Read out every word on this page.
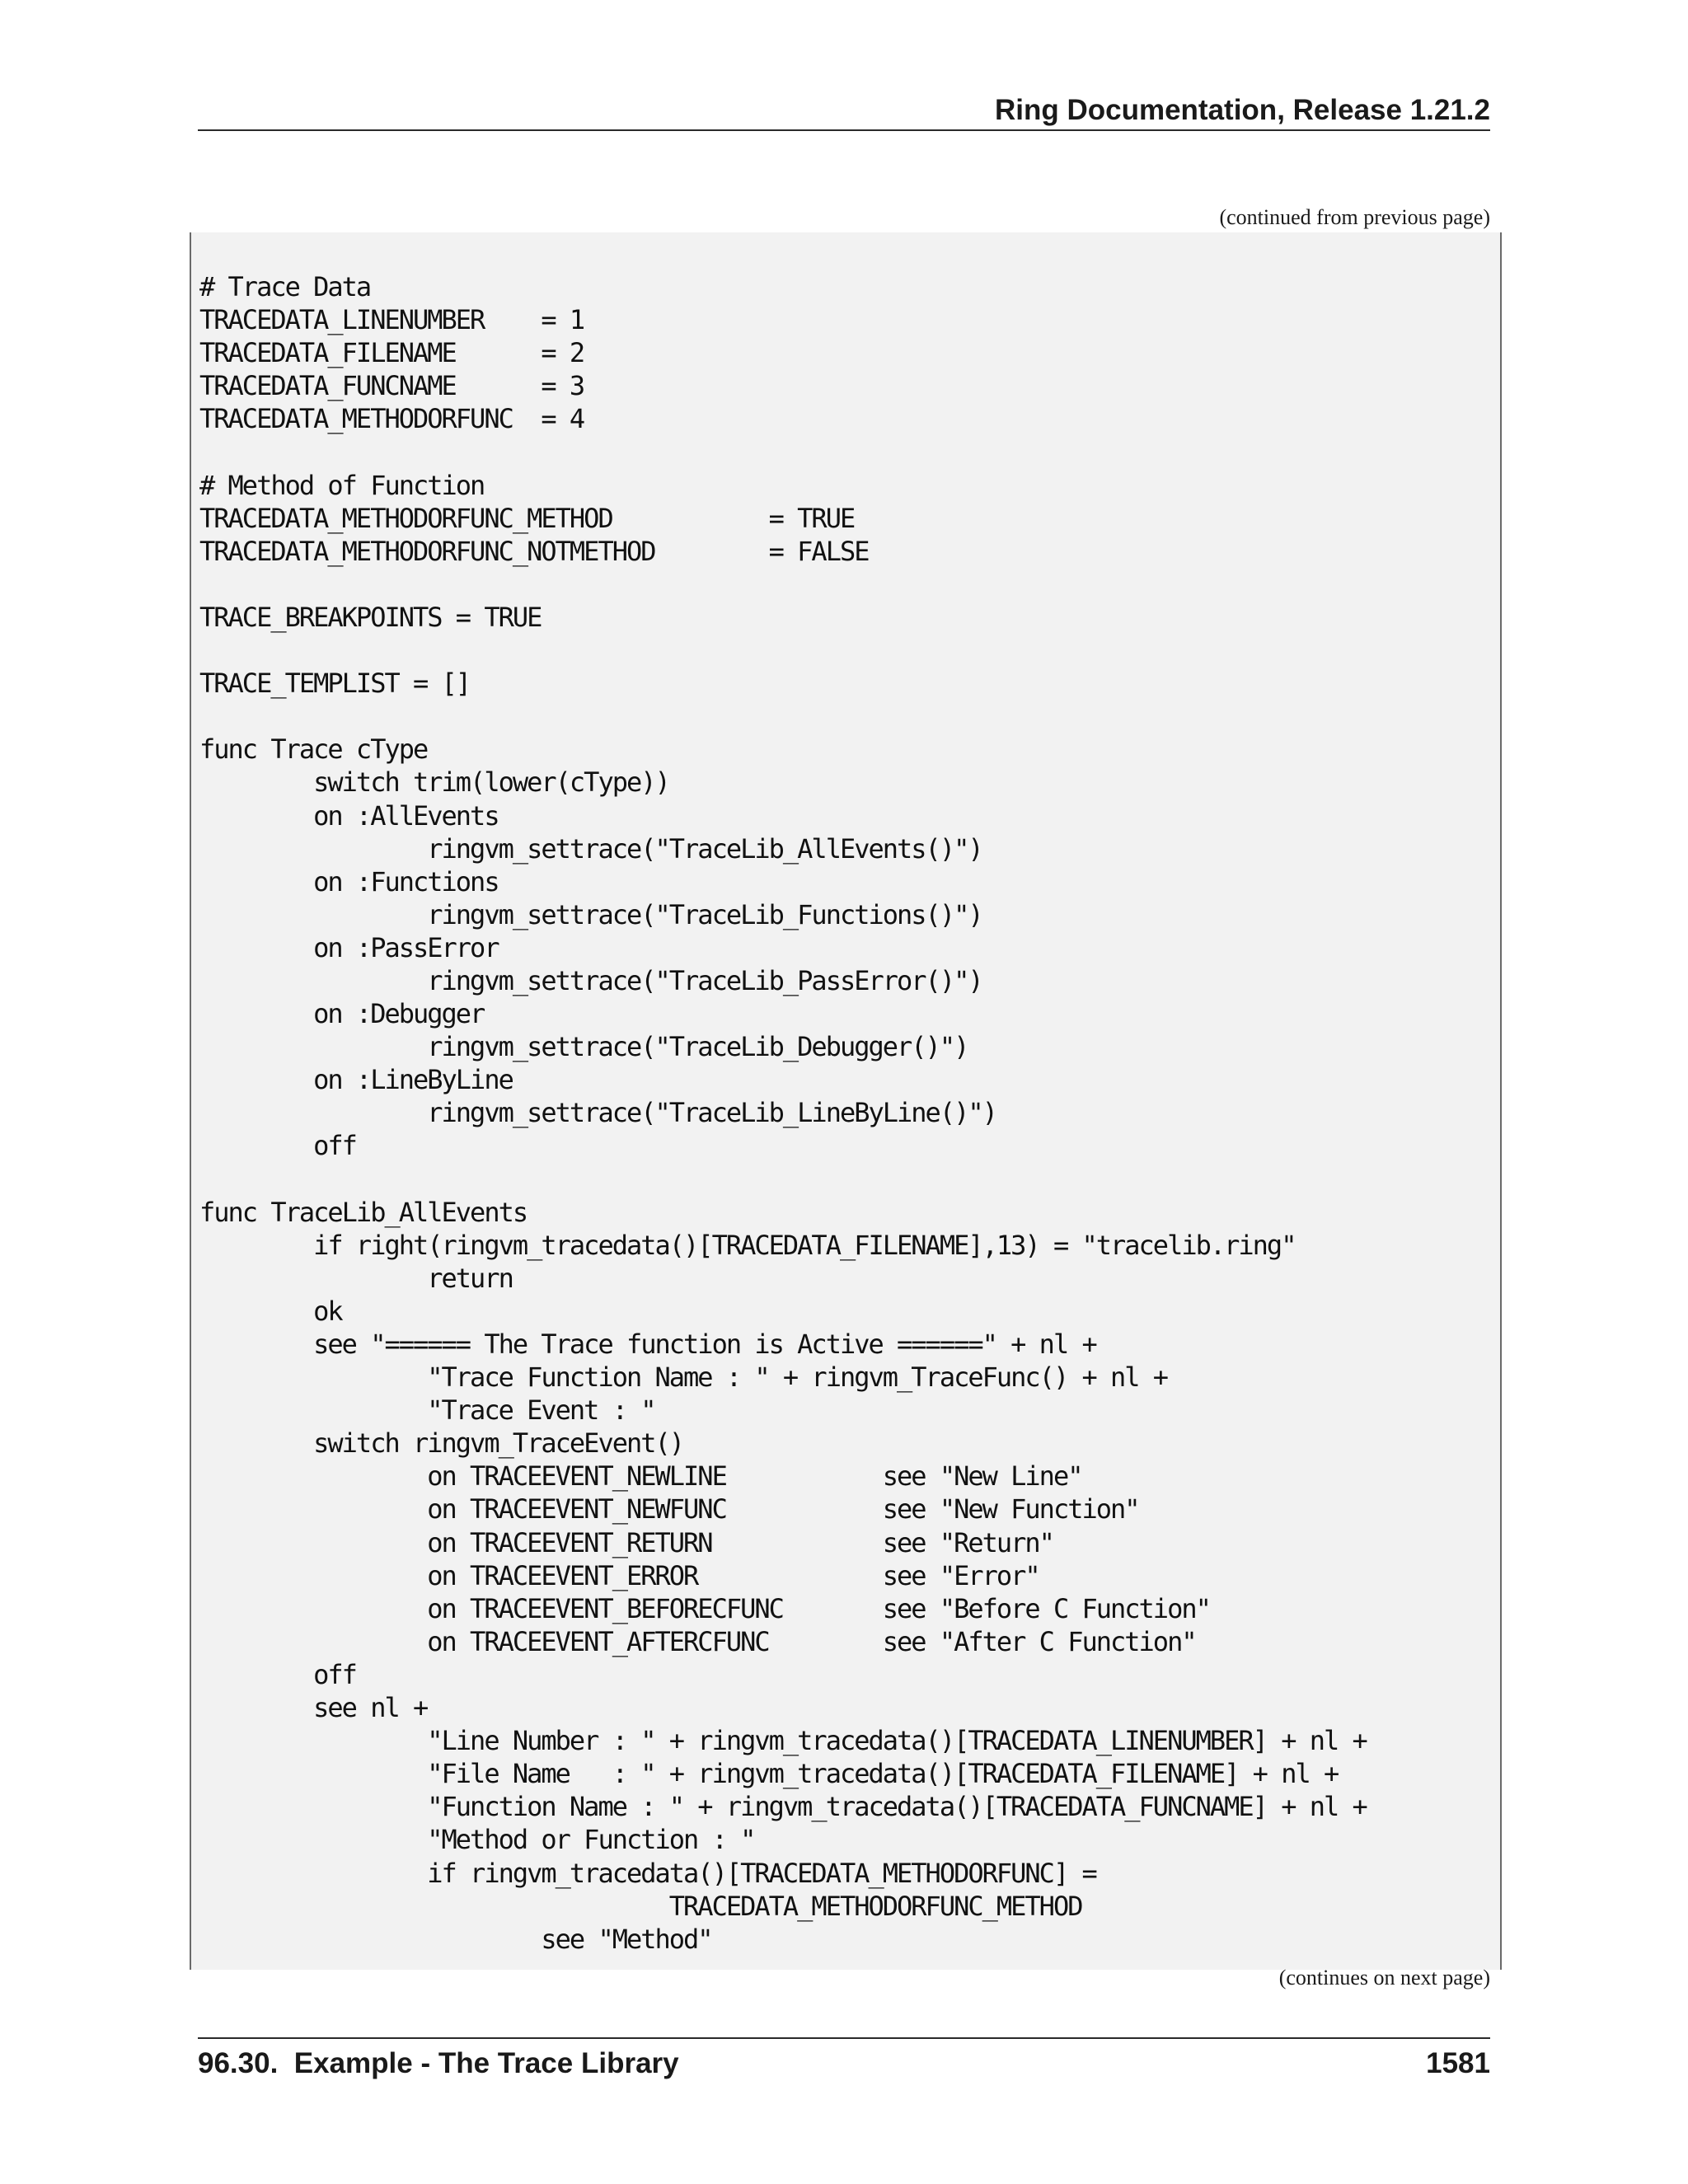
Ring Documentation, Release 1.21.2
(continued from previous page)
# Trace Data
TRACEDATA_LINENUMBER    = 1
TRACEDATA_FILENAME      = 2
TRACEDATA_FUNCNAME      = 3
TRACEDATA_METHODORFUNC  = 4

# Method of Function
TRACEDATA_METHODORFUNC_METHOD           = TRUE
TRACEDATA_METHODORFUNC_NOTMETHOD        = FALSE

TRACE_BREAKPOINTS = TRUE

TRACE_TEMPLIST = []

func Trace cType
switch trim(lower(cType))
on :AllEvents
ringvm_settrace("TraceLib_AllEvents()")
on :Functions
ringvm_settrace("TraceLib_Functions()")
on :PassError
ringvm_settrace("TraceLib_PassError()")
on :Debugger
ringvm_settrace("TraceLib_Debugger()")
on :LineByLine
ringvm_settrace("TraceLib_LineByLine()")
off

func TraceLib_AllEvents
if right(ringvm_tracedata()[TRACEDATA_FILENAME],13) = "tracelib.ring"
return
ok
see "====== The Trace function is Active ======" + nl +
"Trace Function Name : " + ringvm_TraceFunc() + nl +
"Trace Event : "
switch ringvm_TraceEvent()
on TRACEEVENT_NEWLINE           see "New Line"
on TRACEEVENT_NEWFUNC           see "New Function"
on TRACEEVENT_RETURN            see "Return"
on TRACEEVENT_ERROR             see "Error"
on TRACEEVENT_BEFORECFUNC       see "Before C Function"
on TRACEEVENT_AFTERCFUNC        see "After C Function"
off
see nl +
"Line Number : " + ringvm_tracedata()[TRACEDATA_LINENUMBER] + nl +
"File Name   : " + ringvm_tracedata()[TRACEDATA_FILENAME] + nl +
"Function Name : " + ringvm_tracedata()[TRACEDATA_FUNCNAME] + nl +
"Method or Function : "
if ringvm_tracedata()[TRACEDATA_METHODORFUNC] =
TRACEDATA_METHODORFUNC_METHOD
see "Method"
(continues on next page)
96.30.  Example - The Trace Library	1581
